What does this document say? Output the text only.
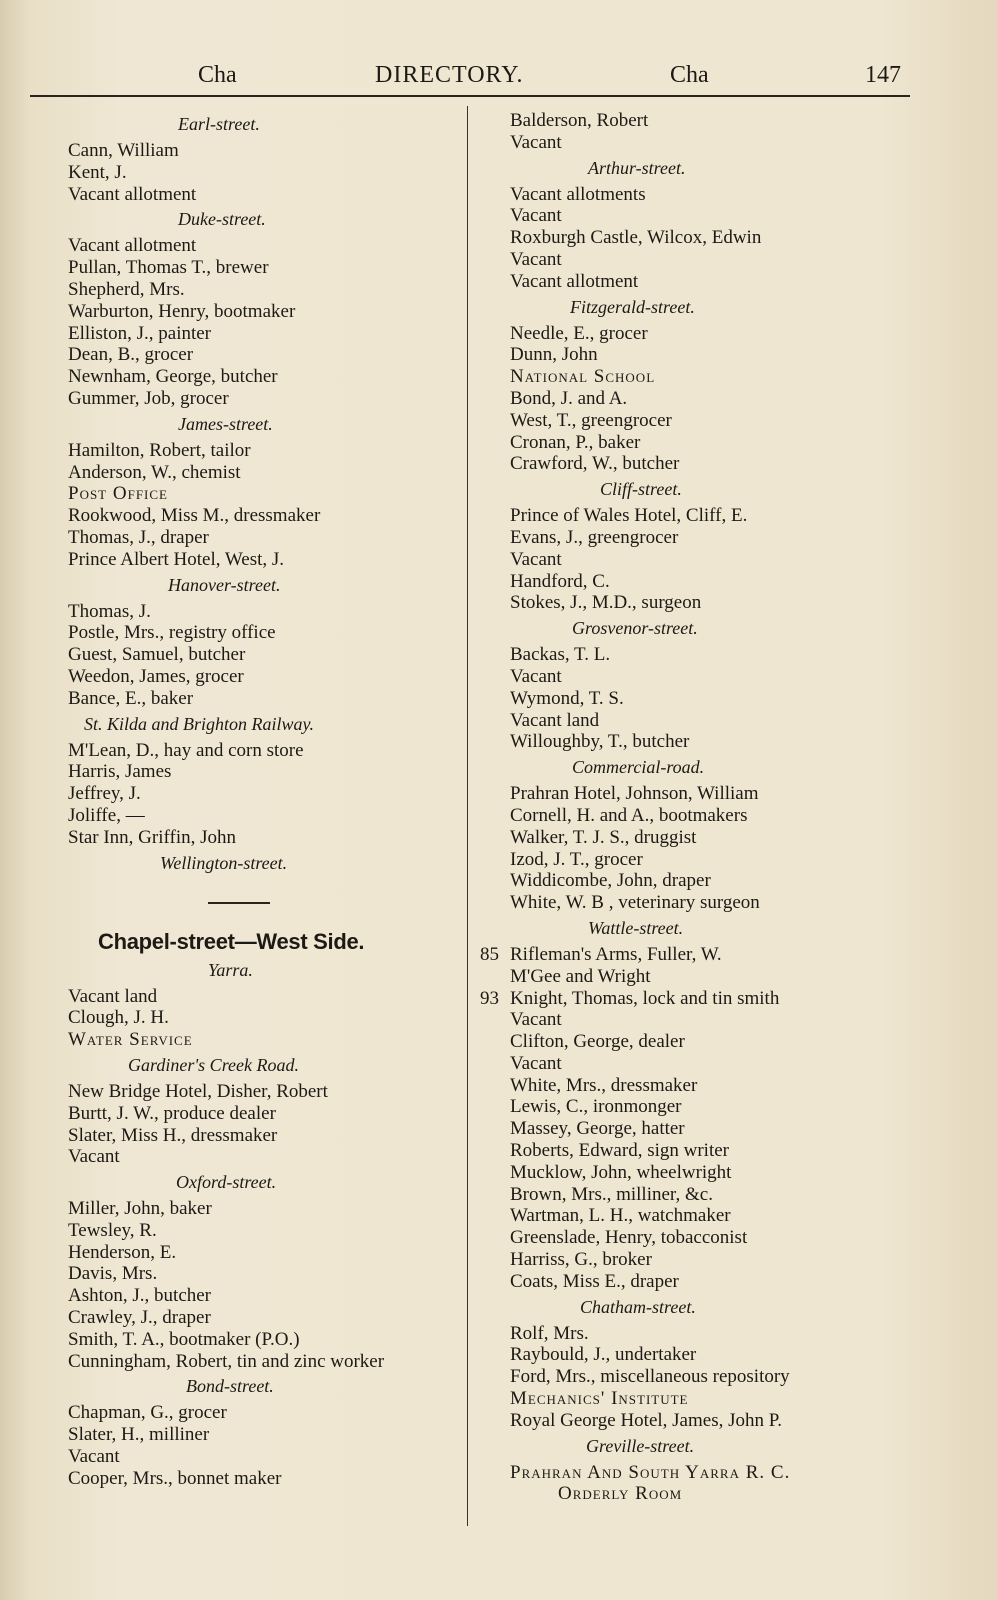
Cha	DIRECTORY.	Cha	147
Earl-street.
Cann, William
Kent, J.
Vacant allotment
Duke-street.
Vacant allotment
Pullan, Thomas T., brewer
Shepherd, Mrs.
Warburton, Henry, bootmaker
Elliston, J., painter
Dean, B., grocer
Newnham, George, butcher
Gummer, Job, grocer
James-street.
Hamilton, Robert, tailor
Anderson, W., chemist
Post Office
Rookwood, Miss M., dressmaker
Thomas, J., draper
Prince Albert Hotel, West, J.
Hanover-street.
Thomas, J.
Postle, Mrs., registry office
Guest, Samuel, butcher
Weedon, James, grocer
Bance, E., baker
St. Kilda and Brighton Railway.
M'Lean, D., hay and corn store
Harris, James
Jeffrey, J.
Joliffe, —
Star Inn, Griffin, John
Wellington-street.
Chapel-street—West Side.
Yarra.
Vacant land
Clough, J. H.
Water Service
Gardiner's Creek Road.
New Bridge Hotel, Disher, Robert
Burtt, J. W., produce dealer
Slater, Miss H., dressmaker
Vacant
Oxford-street.
Miller, John, baker
Tewsley, R.
Henderson, E.
Davis, Mrs.
Ashton, J., butcher
Crawley, J., draper
Smith, T. A., bootmaker (P.O.)
Cunningham, Robert, tin and zinc worker
Bond-street.
Chapman, G., grocer
Slater, H., milliner
Vacant
Cooper, Mrs., bonnet maker
Balderson, Robert
Vacant
Arthur-street.
Vacant allotments
Vacant
Roxburgh Castle, Wilcox, Edwin
Vacant
Vacant allotment
Fitzgerald-street.
Needle, E., grocer
Dunn, John
National School
Bond, J. and A.
West, T., greengrocer
Cronan, P., baker
Crawford, W., butcher
Cliff-street.
Prince of Wales Hotel, Cliff, E.
Evans, J., greengrocer
Vacant
Handford, C.
Stokes, J., M.D., surgeon
Grosvenor-street.
Backas, T. L.
Vacant
Wymond, T. S.
Vacant land
Willoughby, T., butcher
Commercial-road.
Prahran Hotel, Johnson, William
Cornell, H. and A., bootmakers
Walker, T. J. S., druggist
Izod, J. T., grocer
Widdicombe, John, draper
White, W. B , veterinary surgeon
Wattle-street.
85 Rifleman's Arms, Fuller, W.
M'Gee and Wright
93 Knight, Thomas, lock and tin smith
Vacant
Clifton, George, dealer
Vacant
White, Mrs., dressmaker
Lewis, C., ironmonger
Massey, George, hatter
Roberts, Edward, sign writer
Mucklow, John, wheelwright
Brown, Mrs., milliner, &c.
Wartman, L. H., watchmaker
Greenslade, Henry, tobacconist
Harriss, G., broker
Coats, Miss E., draper
Chatham-street.
Rolf, Mrs.
Raybould, J., undertaker
Ford, Mrs., miscellaneous repository
Mechanics' Institute
Royal George Hotel, James, John P.
Greville-street.
Prahran And South Yarra R. C.
Orderly Room
